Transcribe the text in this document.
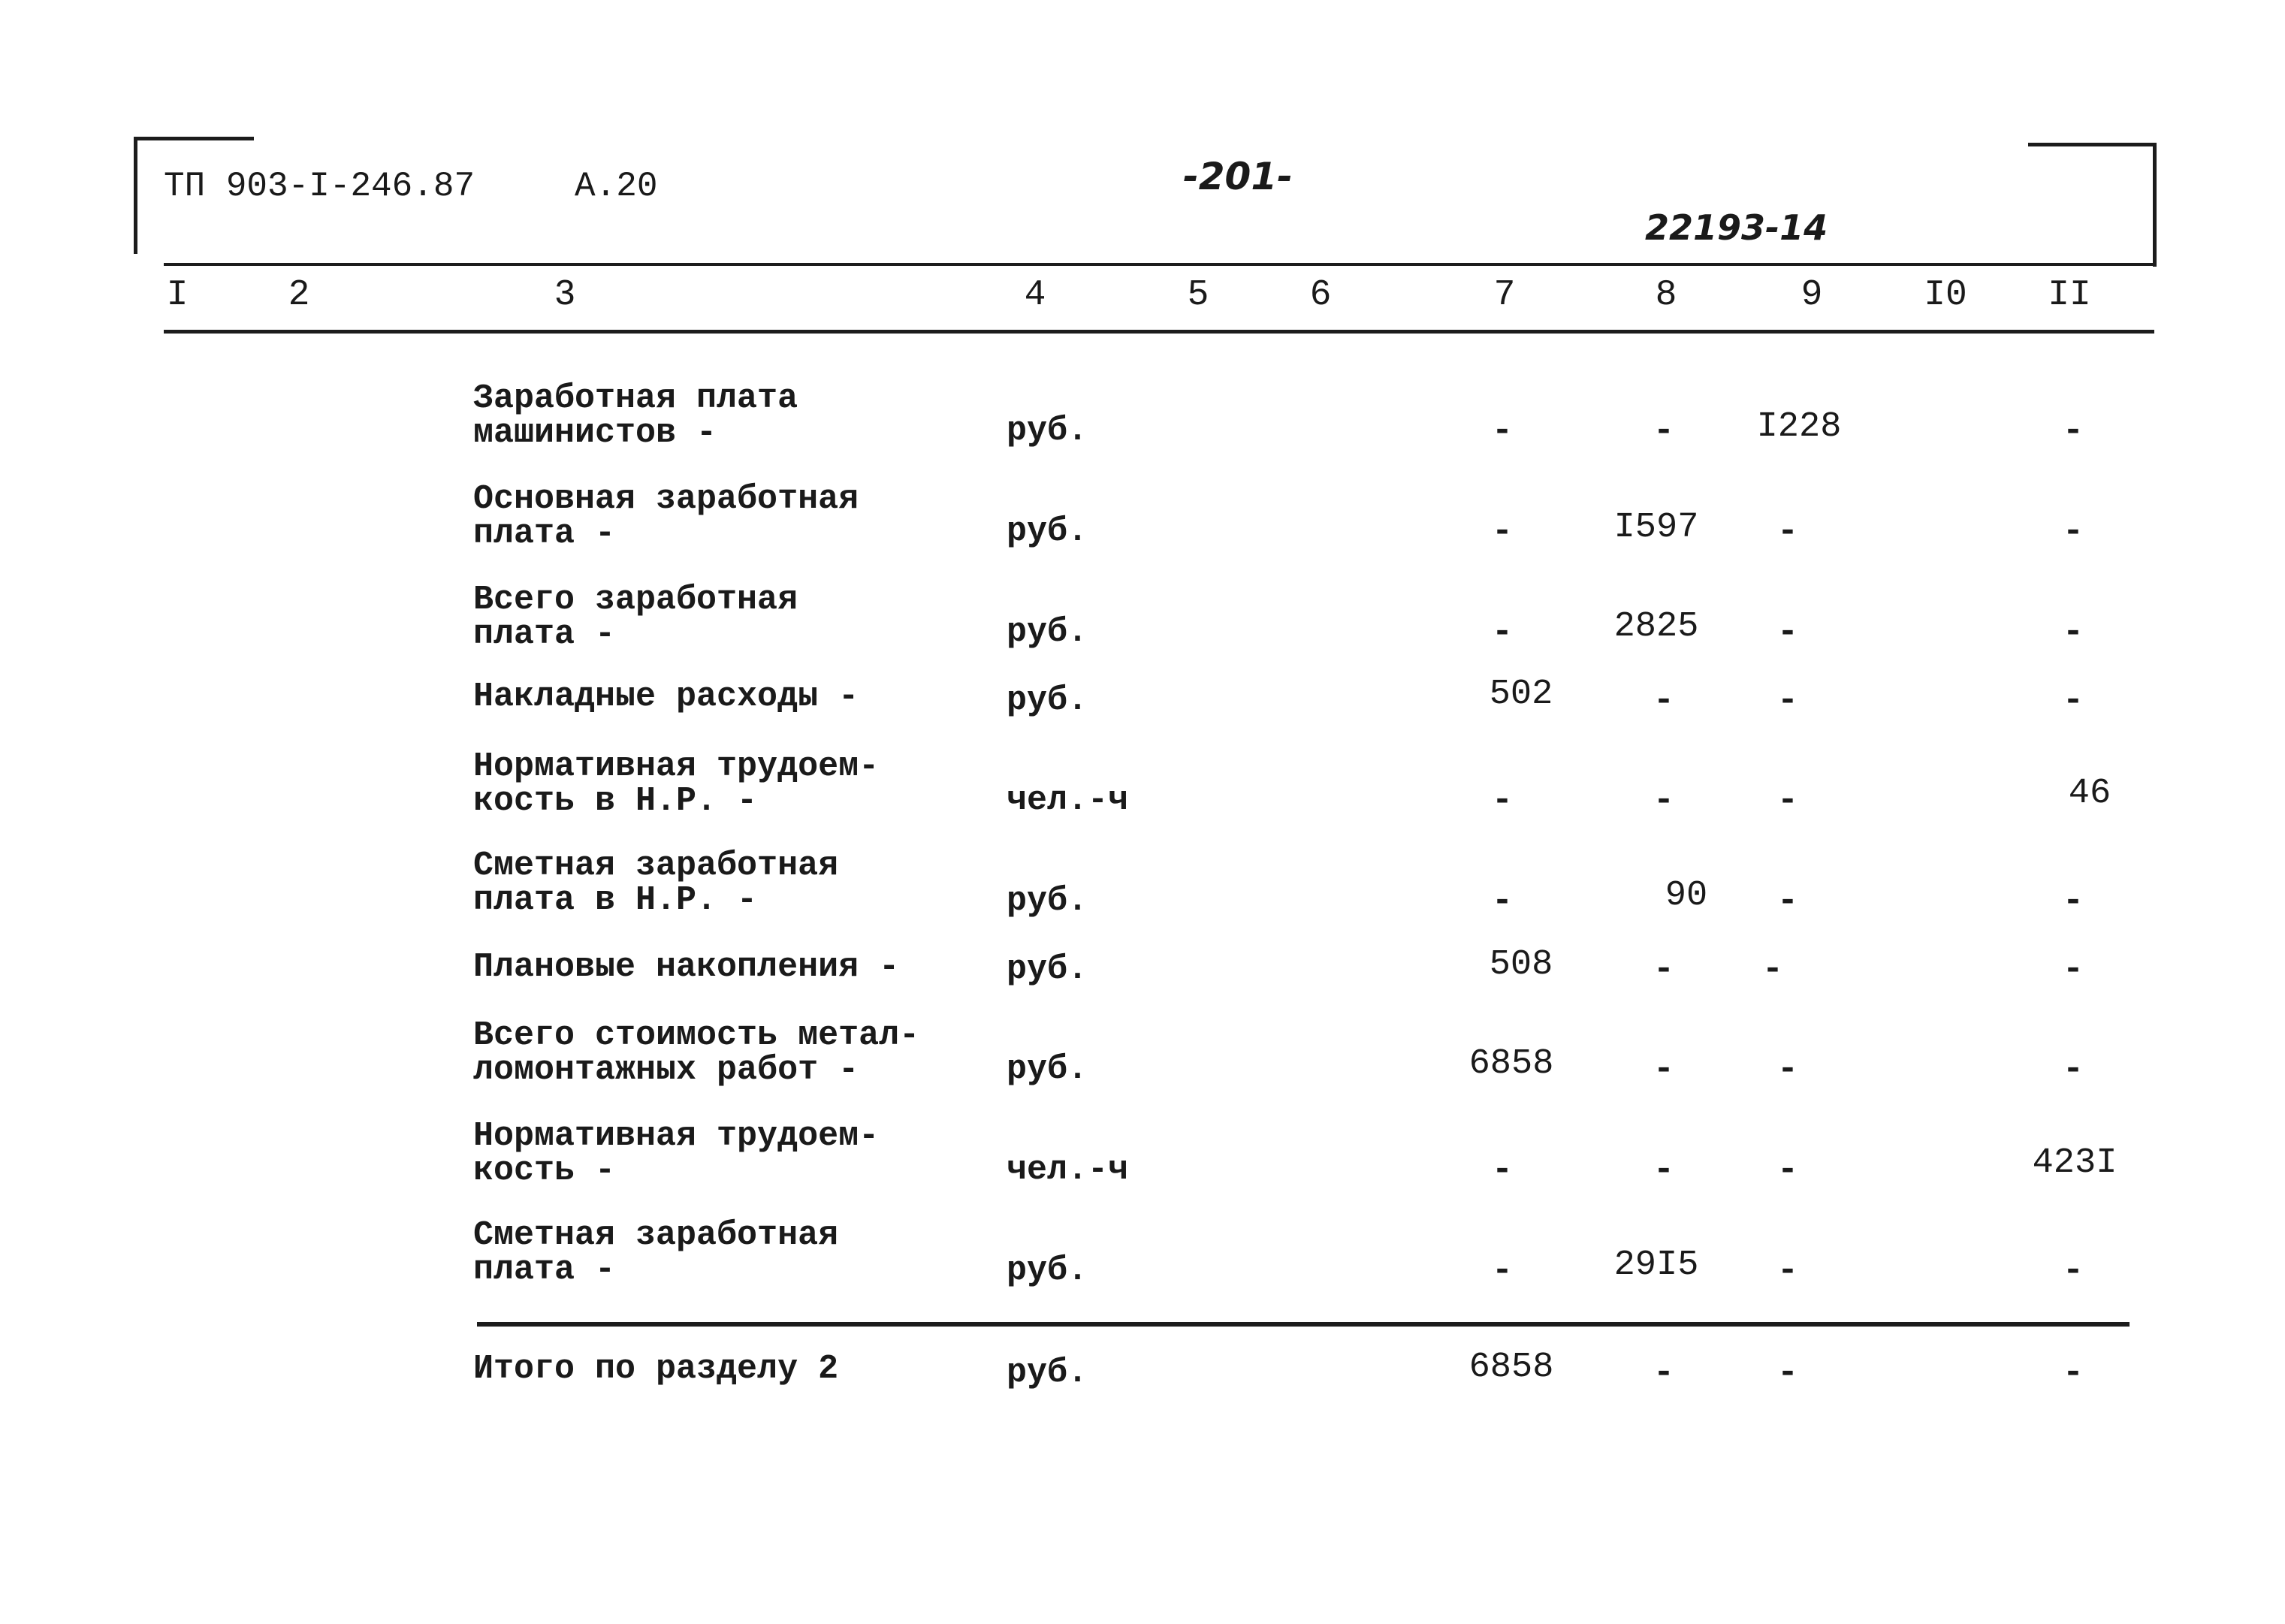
ТП 903-I-246.87	А.20	-201-
22193-14
I	2	3	4	5	6	7	8	9	I0 II
Заработная плата
машинистов -	руб.	-	-	I228	-
Основная заработная
плата -	руб.	-	I597	-	-
Всего заработная
плата -	руб.	-	2825	-	-
Накладные расходы -	руб.	502	-	-	-
Нормативная трудоем-
кость в Н.Р. -	чел.-ч	-	-	-	46
Сметная заработная
плата в Н.Р. -	руб.	-	90	-	-
Плановые накопления -	руб.	508	-	-	-
Всего стоимость метал-
ломонтажных работ -	руб.	6858	-	-	-
Нормативная трудоем-
кость -	чел.-ч	-	-	-	423I
Сметная заработная
плата -	руб.	-	29I5	-	-
Итого по разделу 2	руб.	6858	-	-	-
